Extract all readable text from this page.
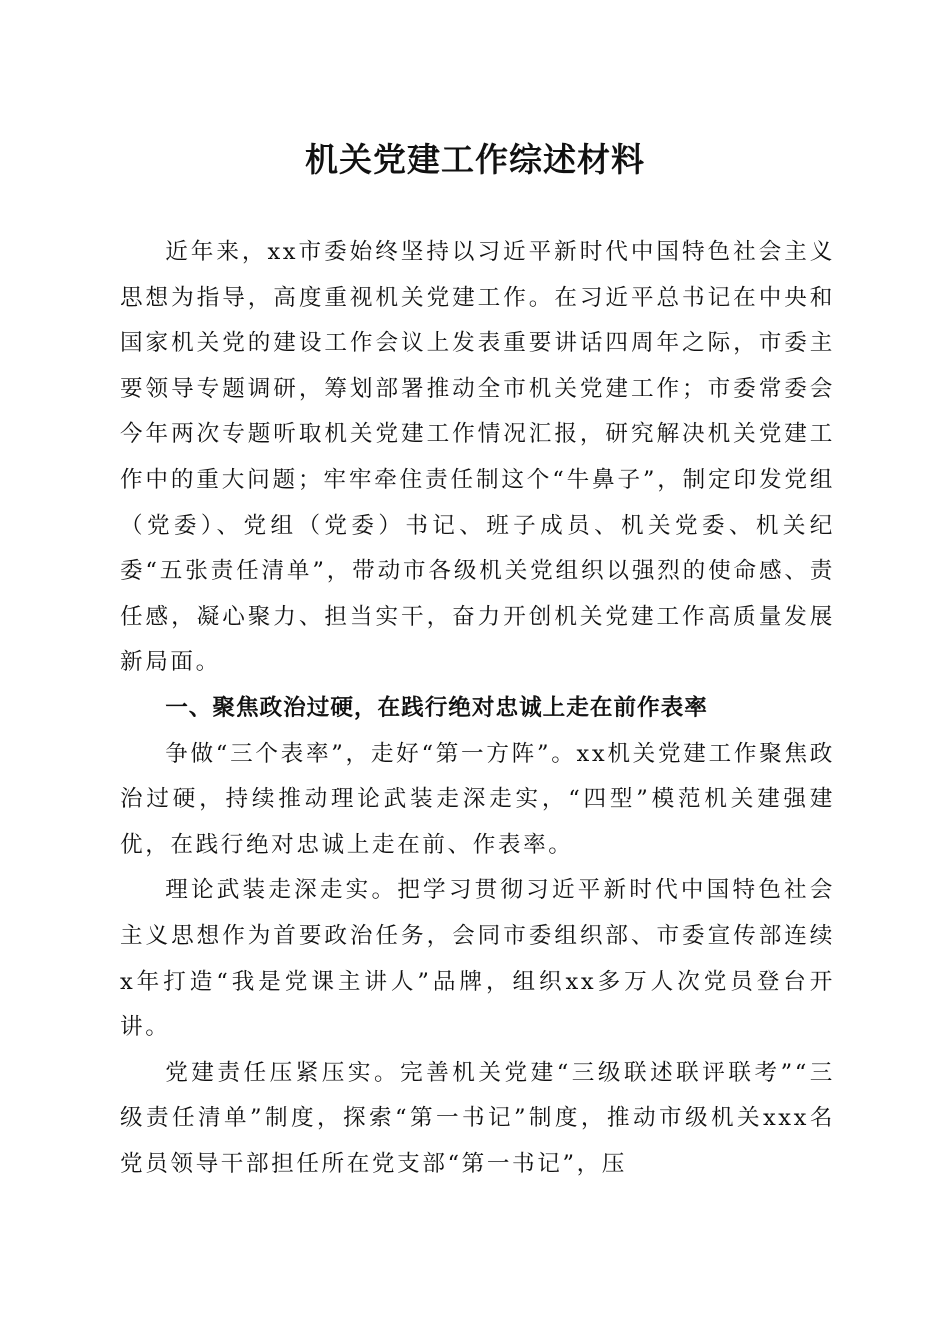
机关党建工作综述材料

近年来，xx市委始终坚持以习近平新时代中国特色社会主义思想为指导，高度重视机关党建工作。在习近平总书记在中央和国家机关党的建设工作会议上发表重要讲话四周年之际，市委主要领导专题调研，筹划部署推动全市机关党建工作；市委常委会今年两次专题听取机关党建工作情况汇报，研究解决机关党建工作中的重大问题；牢牢牵住责任制这个“牛鼻子”，制定印发党组（党委）、党组（党委）书记、班子成员、机关党委、机关纪委“五张责任清单”，带动市各级机关党组织以强烈的使命感、责任感，凝心聚力、担当实干，奋力开创机关党建工作高质量发展新局面。

一、聚焦政治过硬，在践行绝对忠诚上走在前作表率

争做“三个表率”，走好“第一方阵”。xx机关党建工作聚焦政治过硬，持续推动理论武装走深走实，“四型”模范机关建强建优，在践行绝对忠诚上走在前、作表率。

理论武装走深走实。把学习贯彻习近平新时代中国特色社会主义思想作为首要政治任务，会同市委组织部、市委宣传部连续x年打造“我是党课主讲人”品牌，组织xx多万人次党员登台开讲。

党建责任压紧压实。完善机关党建“三级联述联评联考”“三级责任清单”制度，探索“第一书记”制度，推动市级机关xxx名党员领导干部担任所在党支部“第一书记”，压
